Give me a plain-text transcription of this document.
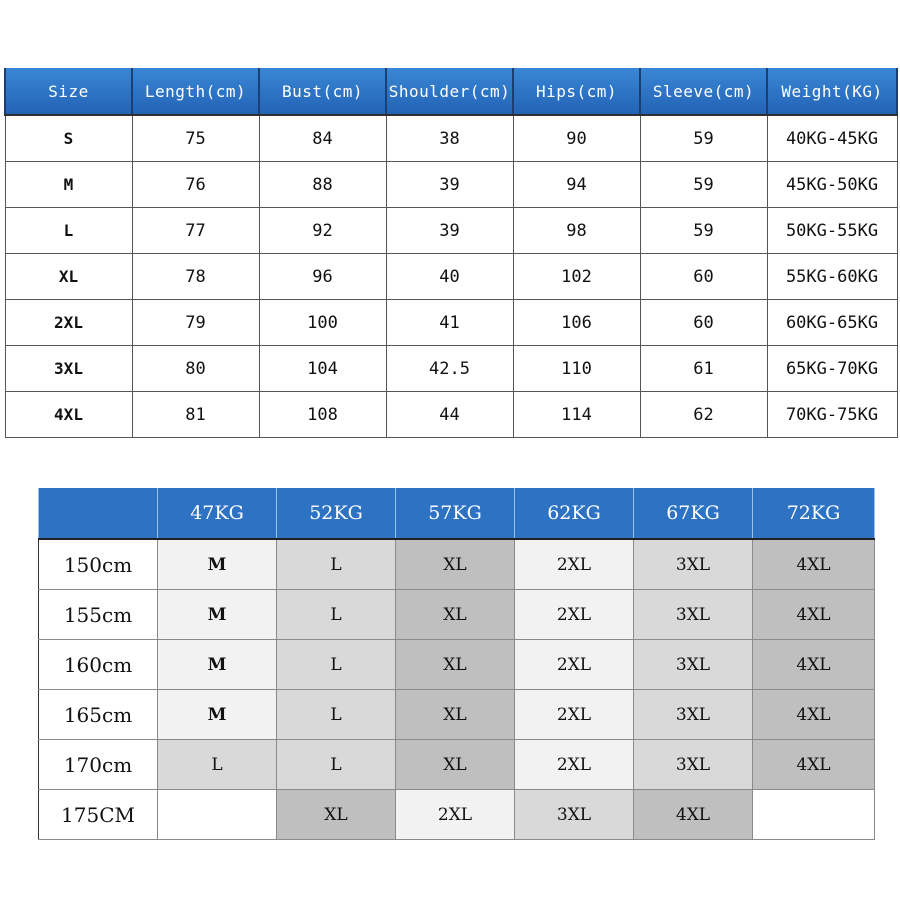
Size	Length(cm)	Bust(cm)	Shoulder(cm)	Hips(cm)	Sleeve(cm)	Weight(KG)
S	75	84	38	90	59	40KG-45KG
M	76	88	39	94	59	45KG-50KG
L	77	92	39	98	59	50KG-55KG
XL	78	96	40	102	60	55KG-60KG
2XL	79	100	41	106	60	60KG-65KG
3XL	80	104	42.5	110	61	65KG-70KG
4XL	81	108	44	114	62	70KG-75KG
	47KG	52KG	57KG	62KG	67KG	72KG
150cm	M	L	XL	2XL	3XL	4XL
155cm	M	L	XL	2XL	3XL	4XL
160cm	M	L	XL	2XL	3XL	4XL
165cm	M	L	XL	2XL	3XL	4XL
170cm	L	L	XL	2XL	3XL	4XL
175CM		XL	2XL	3XL	4XL	
